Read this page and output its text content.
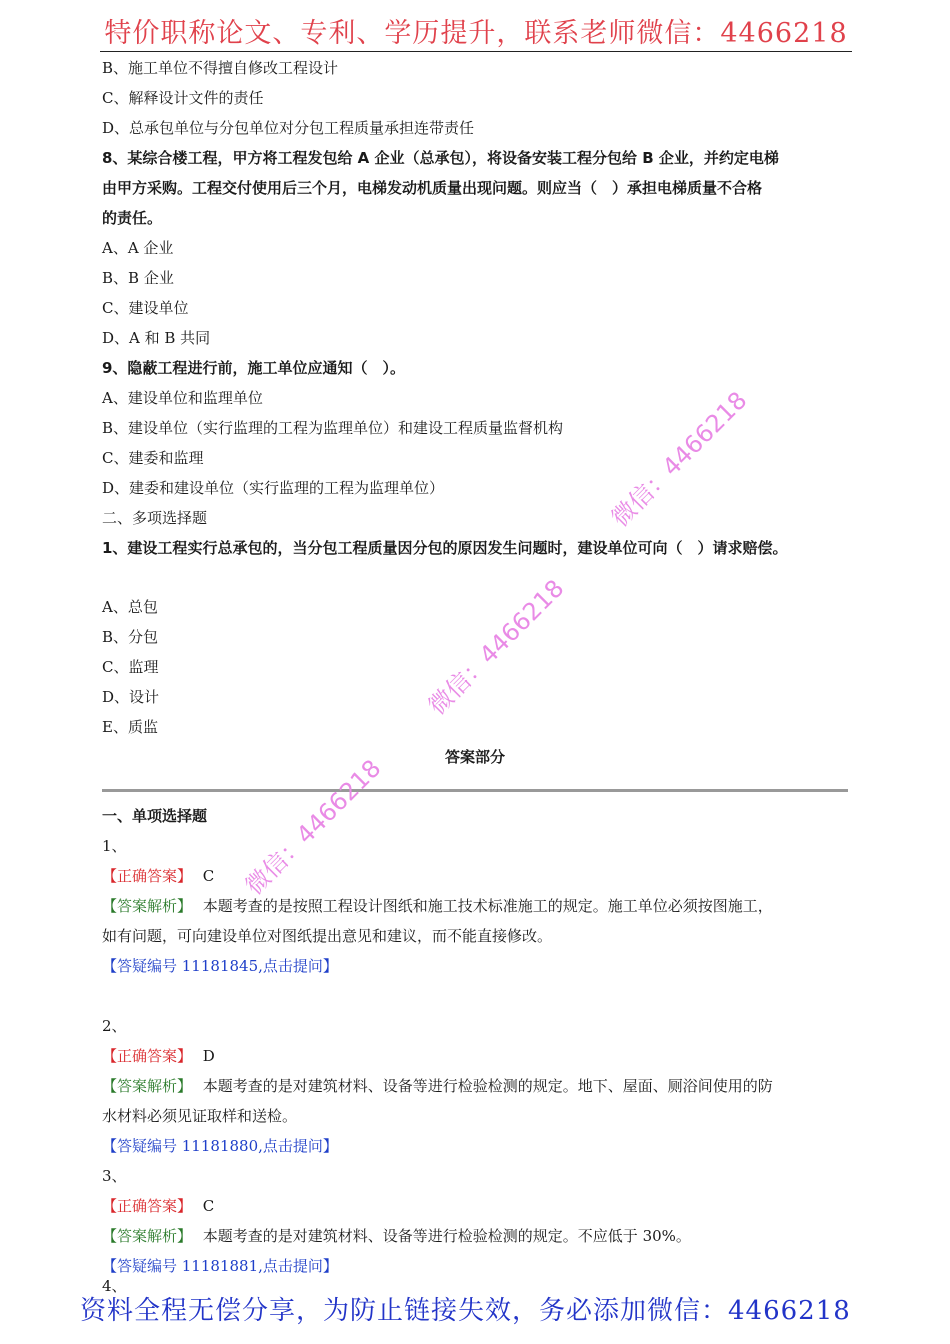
特价职称论文、专利、学历提升，联系老师微信：4466218
B、施工单位不得擅自修改工程设计
C、解释设计文件的责任
D、总承包单位与分包单位对分包工程质量承担连带责任
8、某综合楼工程，甲方将工程发包给 A 企业（总承包），将设备安装工程分包给 B 企业，并约定电梯
由甲方采购。工程交付使用后三个月，电梯发动机质量出现问题。则应当（　）承担电梯质量不合格
的责任。
A、A 企业
B、B 企业
C、建设单位
D、A 和 B 共同
9、隐蔽工程进行前，施工单位应通知（　）。
A、建设单位和监理单位
B、建设单位（实行监理的工程为监理单位）和建设工程质量监督机构
C、建委和监理
D、建委和建设单位（实行监理的工程为监理单位）
二、多项选择题
1、建设工程实行总承包的，当分包工程质量因分包的原因发生问题时，建设单位可向（　）请求赔偿。
A、总包
B、分包
C、监理
D、设计
E、质监
答案部分
一、单项选择题
1、
【正确答案】 C
【答案解析】 本题考查的是按照工程设计图纸和施工技术标准施工的规定。施工单位必须按图施工，
如有问题，可向建设单位对图纸提出意见和建议，而不能直接修改。
【答疑编号 11181845,点击提问】
2、
【正确答案】 D
【答案解析】 本题考查的是对建筑材料、设备等进行检验检测的规定。地下、屋面、厕浴间使用的防
水材料必须见证取样和送检。
【答疑编号 11181880,点击提问】
3、
【正确答案】 C
【答案解析】 本题考查的是对建筑材料、设备等进行检验检测的规定。不应低于 30%。
【答疑编号 11181881,点击提问】
4、
资料全程无偿分享，为防止链接失效，务必添加微信：4466218
微信：4466218
微信：4466218
微信：4466218
